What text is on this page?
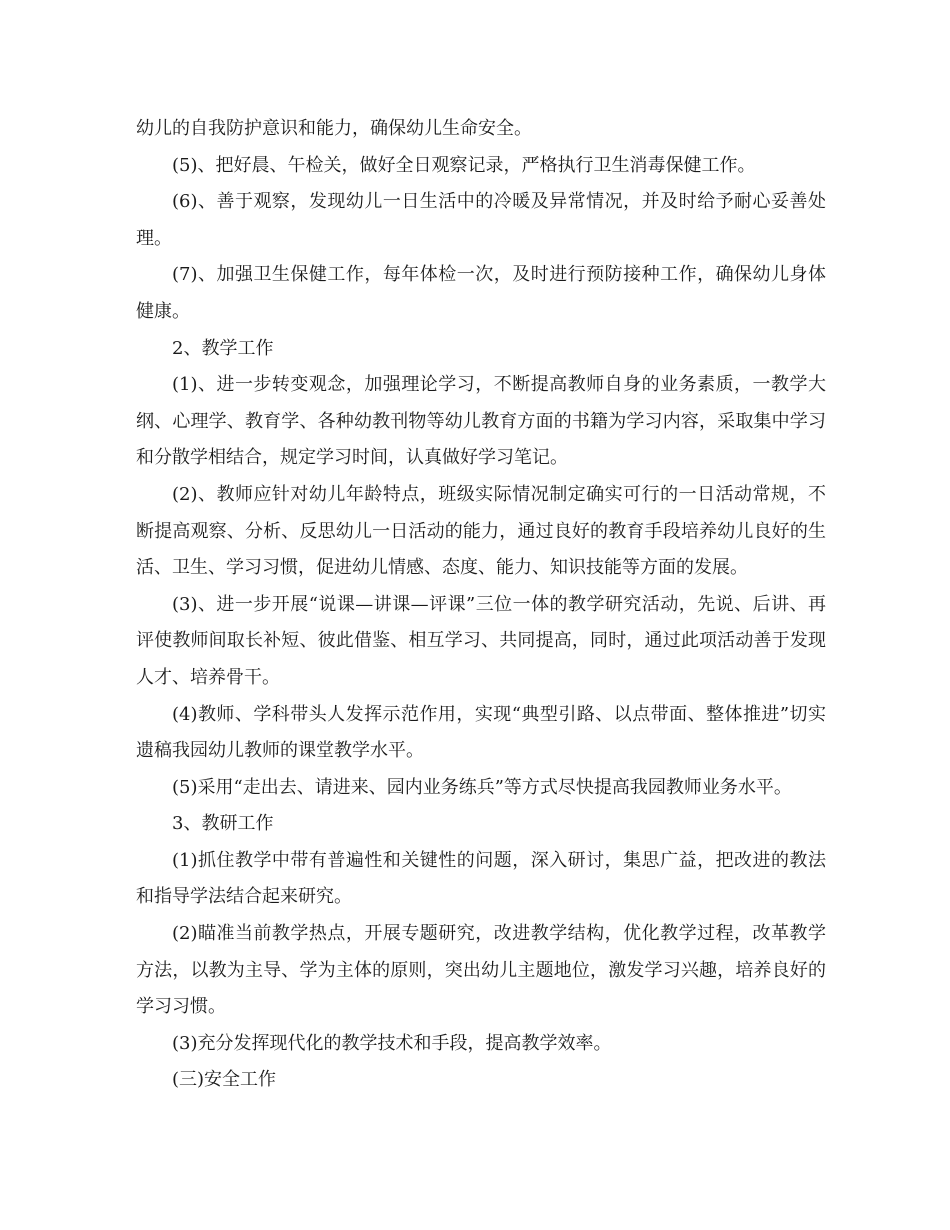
幼儿的自我防护意识和能力，确保幼儿生命安全。

(5)、把好晨、午检关，做好全日观察记录，严格执行卫生消毒保健工作。

(6)、善于观察，发现幼儿一日生活中的冷暖及异常情况，并及时给予耐心妥善处理。

(7)、加强卫生保健工作，每年体检一次，及时进行预防接种工作，确保幼儿身体健康。

2、教学工作

(1)、进一步转变观念，加强理论学习，不断提高教师自身的业务素质，一教学大纲、心理学、教育学、各种幼教刊物等幼儿教育方面的书籍为学习内容，采取集中学习和分散学相结合，规定学习时间，认真做好学习笔记。

(2)、教师应针对幼儿年龄特点，班级实际情况制定确实可行的一日活动常规，不断提高观察、分析、反思幼儿一日活动的能力，通过良好的教育手段培养幼儿良好的生活、卫生、学习习惯，促进幼儿情感、态度、能力、知识技能等方面的发展。

(3)、进一步开展“说课—讲课—评课”三位一体的教学研究活动，先说、后讲、再评使教师间取长补短、彼此借鉴、相互学习、共同提高，同时，通过此项活动善于发现人才、培养骨干。

(4)教师、学科带头人发挥示范作用，实现“典型引路、以点带面、整体推进”切实遗稿我园幼儿教师的课堂教学水平。

(5)采用“走出去、请进来、园内业务练兵”等方式尽快提高我园教师业务水平。

3、教研工作

(1)抓住教学中带有普遍性和关键性的问题，深入研讨，集思广益，把改进的教法和指导学法结合起来研究。

(2)瞄准当前教学热点，开展专题研究，改进教学结构，优化教学过程，改革教学方法，以教为主导、学为主体的原则，突出幼儿主题地位，激发学习兴趣，培养良好的学习习惯。

(3)充分发挥现代化的教学技术和手段，提高教学效率。

(三)安全工作
